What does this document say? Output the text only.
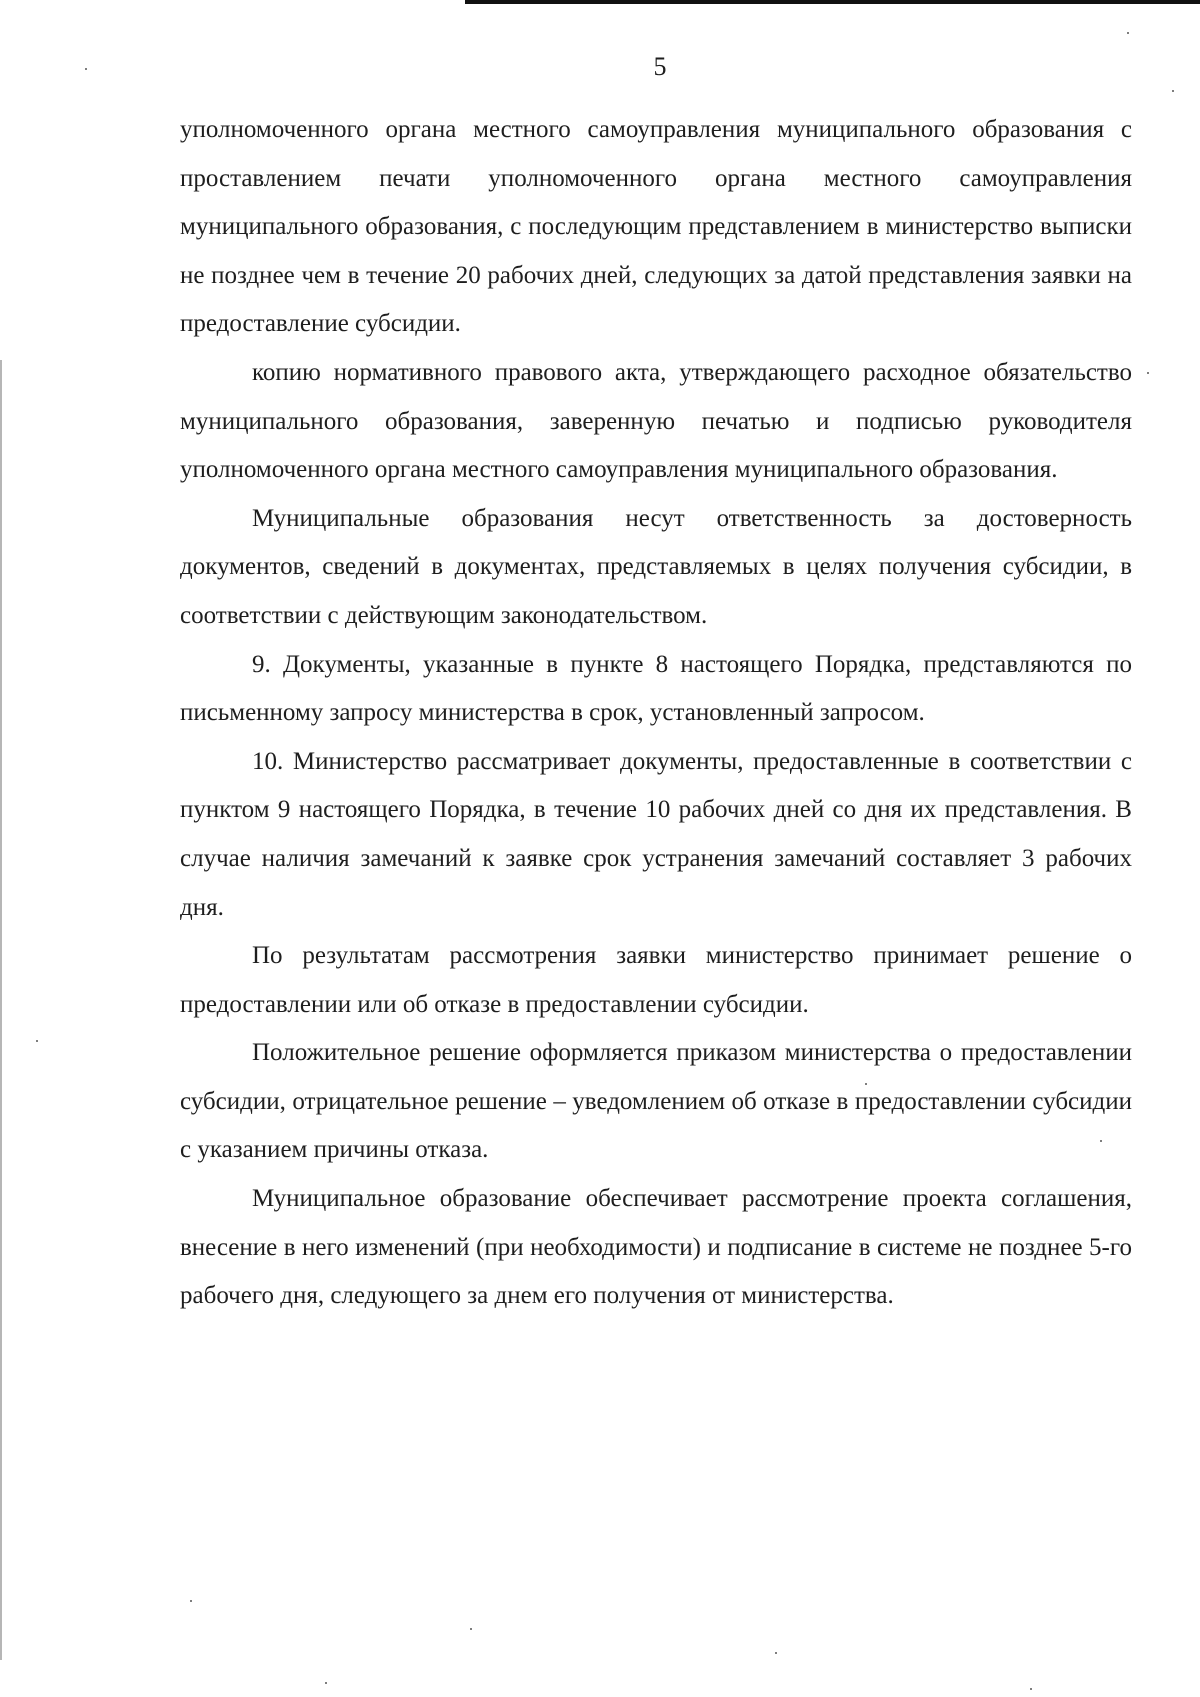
5

уполномоченного органа местного самоуправления муниципального образования с проставлением печати уполномоченного органа местного самоуправления муниципального образования, с последующим представлением в министерство выписки не позднее чем в течение 20 рабочих дней, следующих за датой представления заявки на предоставление субсидии.

копию нормативного правового акта, утверждающего расходное обязательство муниципального образования, заверенную печатью и подписью руководителя уполномоченного органа местного самоуправления муниципального образования.

Муниципальные образования несут ответственность за достоверность документов, сведений в документах, представляемых в целях получения субсидии, в соответствии с действующим законодательством.

9. Документы, указанные в пункте 8 настоящего Порядка, представляются по письменному запросу министерства в срок, установленный запросом.

10. Министерство рассматривает документы, предоставленные в соответствии с пунктом 9 настоящего Порядка, в течение 10 рабочих дней со дня их представления. В случае наличия замечаний к заявке срок устранения замечаний составляет 3 рабочих дня.

По результатам рассмотрения заявки министерство принимает решение о предоставлении или об отказе в предоставлении субсидии.

Положительное решение оформляется приказом министерства о предоставлении субсидии, отрицательное решение – уведомлением об отказе в предоставлении субсидии с указанием причины отказа.

Муниципальное образование обеспечивает рассмотрение проекта соглашения, внесение в него изменений (при необходимости) и подписание в системе не позднее 5-го рабочего дня, следующего за днем его получения от министерства.
